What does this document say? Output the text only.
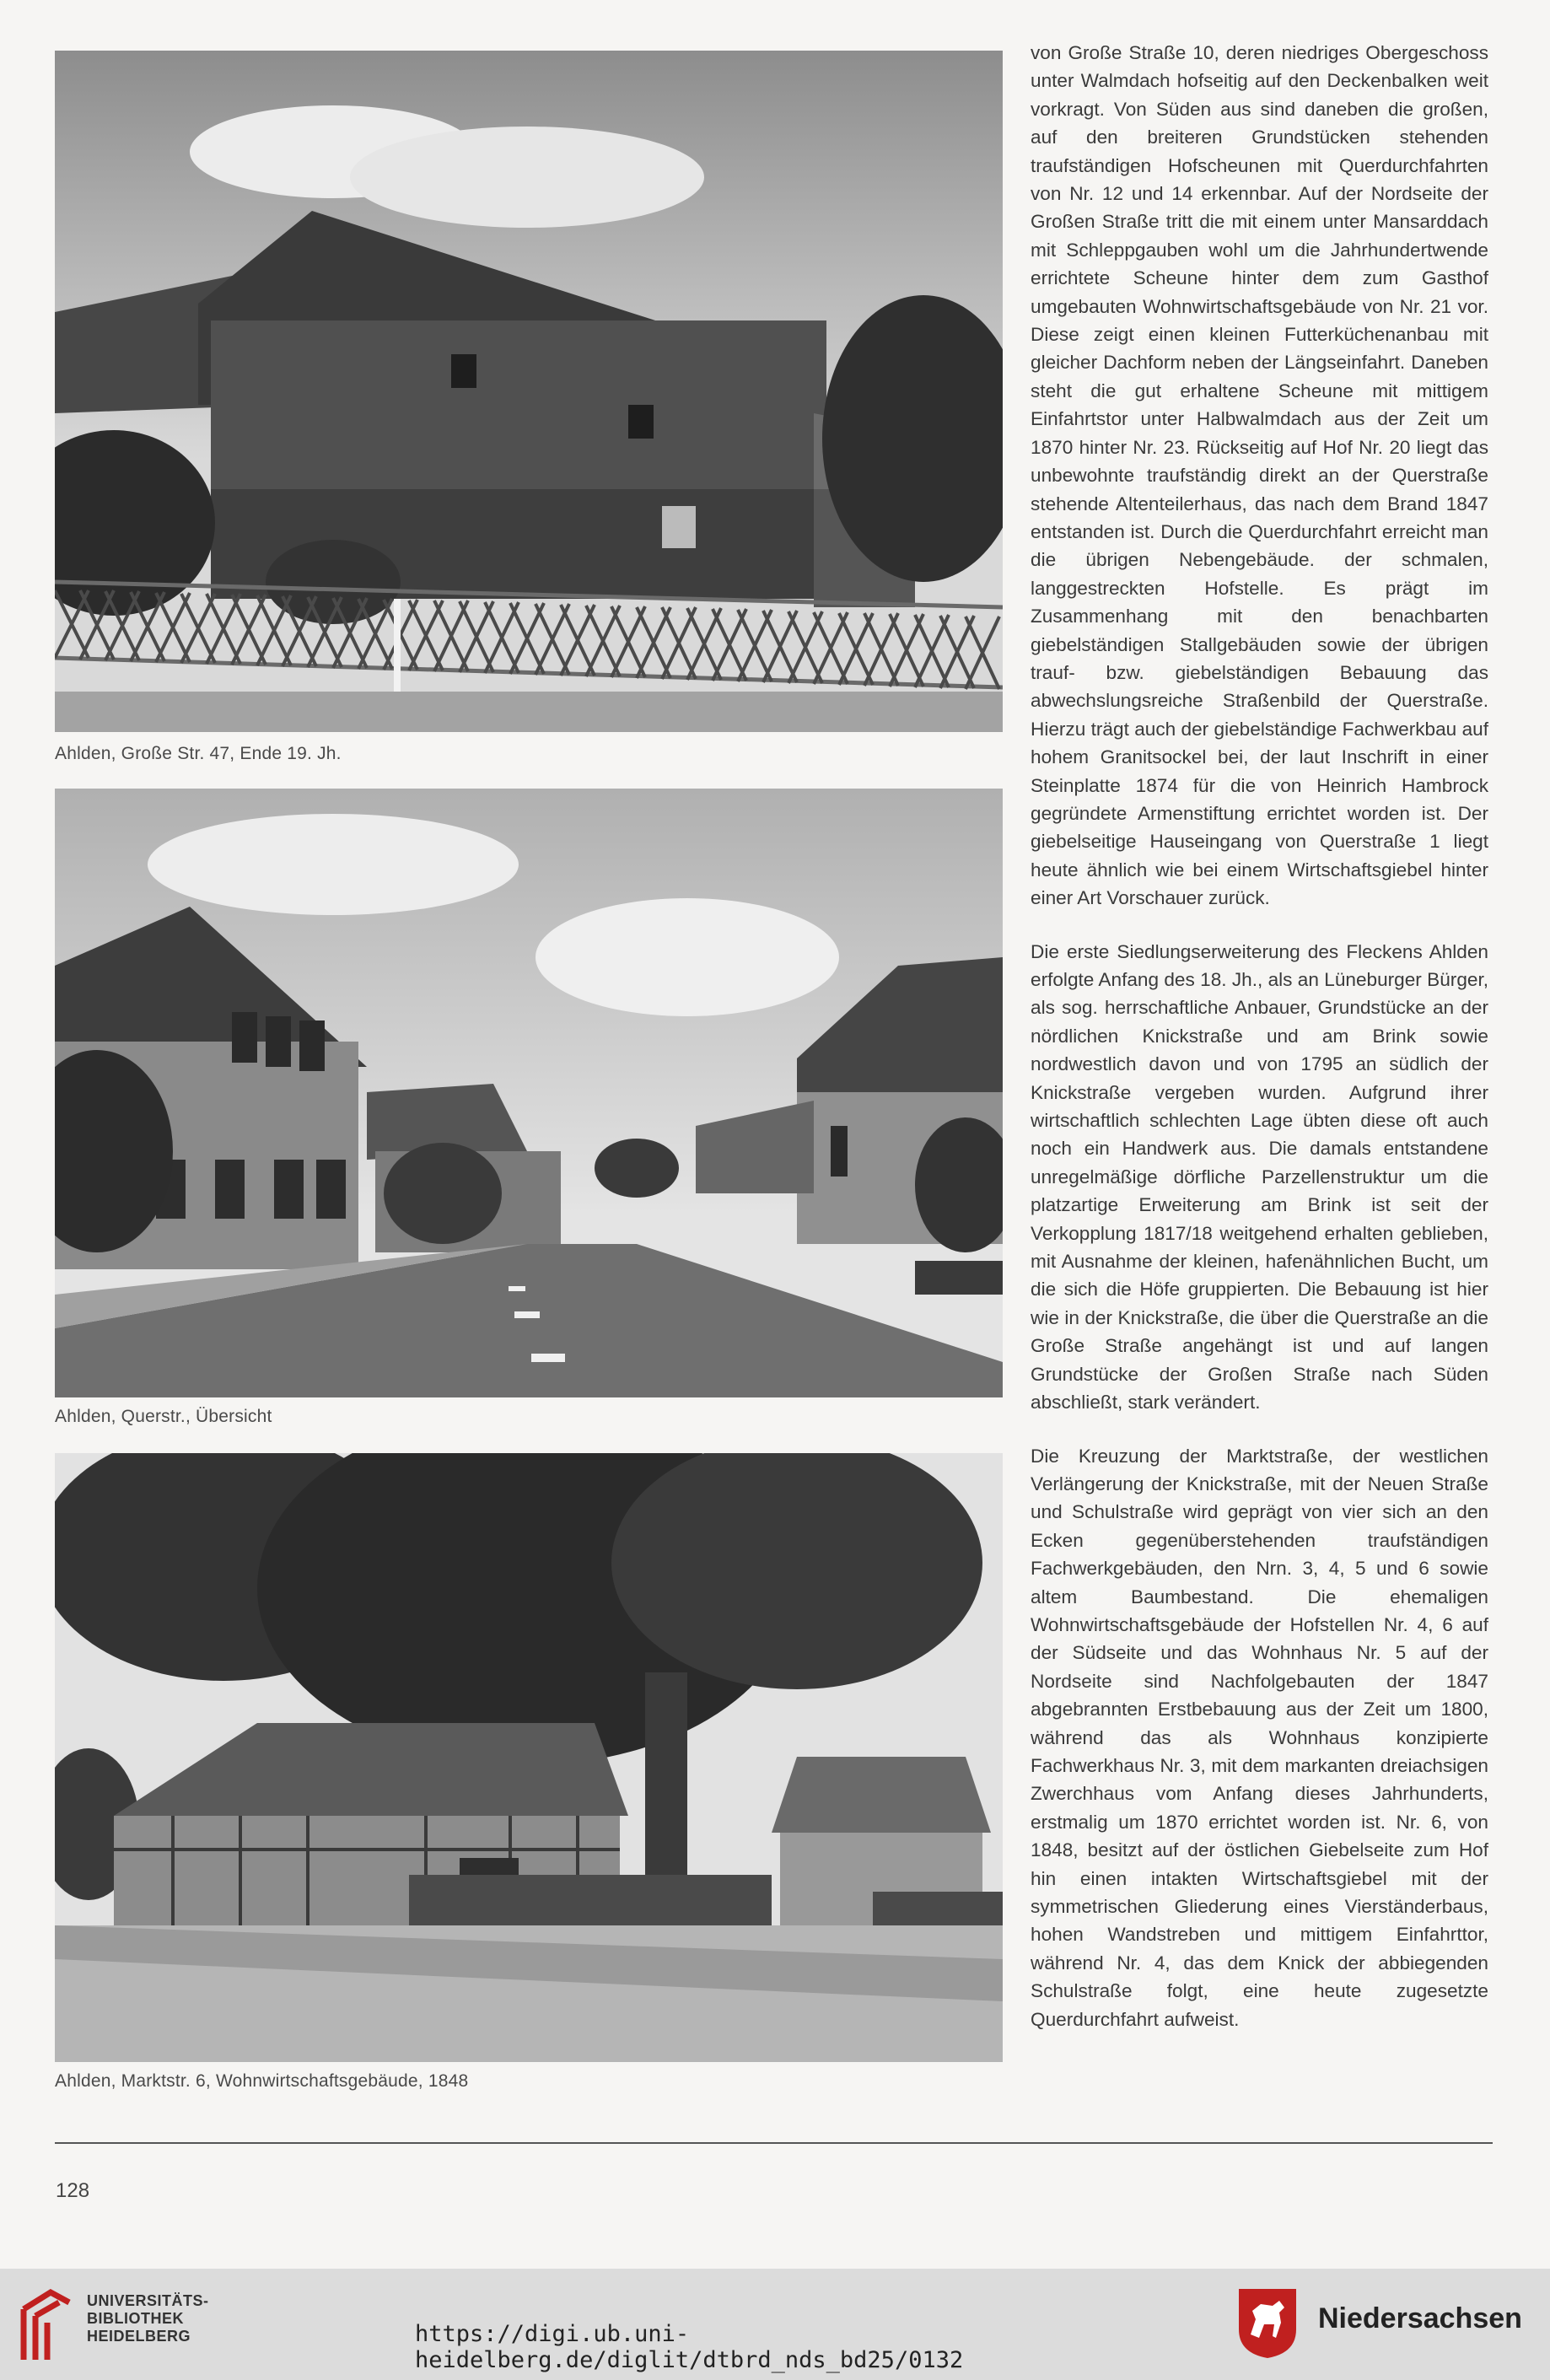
Ahlden, Große Str. 47, Ende 19. Jh.
Ahlden, Querstr., Übersicht
Ahlden, Marktstr. 6, Wohnwirtschaftsgebäude, 1848

von Große Straße 10, deren niedriges Obergeschoss unter Walmdach hofseitig auf den Deckenbalken weit vorkragt. Von Süden aus sind daneben die großen, auf den breiteren Grundstücken stehenden traufständigen Hofscheunen mit Querdurchfahrten von Nr. 12 und 14 erkennbar. Auf der Nordseite der Großen Straße tritt die mit einem unter Mansarddach mit Schleppgauben wohl um die Jahrhundertwende errichtete Scheune hinter dem zum Gasthof umgebauten Wohnwirtschaftsgebäude von Nr. 21 vor. Diese zeigt einen kleinen Futterküchenanbau mit gleicher Dachform neben der Längseinfahrt. Daneben steht die gut erhaltene Scheune mit mittigem Einfahrtstor unter Halbwalmdach aus der Zeit um 1870 hinter Nr. 23. Rückseitig auf Hof Nr. 20 liegt das unbewohnte traufständig direkt an der Querstraße stehende Altenteilerhaus, das nach dem Brand 1847 entstanden ist. Durch die Querdurchfahrt erreicht man die übrigen Nebengebäude. der schmalen, langgestreckten Hofstelle. Es prägt im Zusammenhang mit den benachbarten giebelständigen Stallgebäuden sowie der übrigen trauf- bzw. giebelständigen Bebauung das abwechslungsreiche Straßenbild der Querstraße. Hierzu trägt auch der giebelständige Fachwerkbau auf hohem Granitsockel bei, der laut Inschrift in einer Steinplatte 1874 für die von Heinrich Hambrock gegründete Armenstiftung errichtet worden ist. Der giebelseitige Hauseingang von Querstraße 1 liegt heute ähnlich wie bei einem Wirtschaftsgiebel hinter einer Art Vorschauer zurück.

Die erste Siedlungserweiterung des Fleckens Ahlden erfolgte Anfang des 18. Jh., als an Lüneburger Bürger, als sog. herrschaftliche Anbauer, Grundstücke an der nördlichen Knickstraße und am Brink sowie nordwestlich davon und von 1795 an südlich der Knickstraße vergeben wurden. Aufgrund ihrer wirtschaftlich schlechten Lage übten diese oft auch noch ein Handwerk aus. Die damals entstandene unregelmäßige dörfliche Parzellenstruktur um die platzartige Erweiterung am Brink ist seit der Verkopplung 1817/18 weitgehend erhalten geblieben, mit Ausnahme der kleinen, hafenähnlichen Bucht, um die sich die Höfe gruppierten. Die Bebauung ist hier wie in der Knickstraße, die über die Querstraße an die Große Straße angehängt ist und auf langen Grundstücke der Großen Straße nach Süden abschließt, stark verändert.

Die Kreuzung der Marktstraße, der westlichen Verlängerung der Knickstraße, mit der Neuen Straße und Schulstraße wird geprägt von vier sich an den Ecken gegenüberstehenden traufständigen Fachwerkgebäuden, den Nrn. 3, 4, 5 und 6 sowie altem Baumbestand. Die ehemaligen Wohnwirtschaftsgebäude der Hofstellen Nr. 4, 6 auf der Südseite und das Wohnhaus Nr. 5 auf der Nordseite sind Nachfolgebauten der 1847 abgebrannten Erstbebauung aus der Zeit um 1800, während das als Wohnhaus konzipierte Fachwerkhaus Nr. 3, mit dem markanten dreiachsigen Zwerchhaus vom Anfang dieses Jahrhunderts, erstmalig um 1870 errichtet worden ist. Nr. 6, von 1848, besitzt auf der östlichen Giebelseite zum Hof hin einen intakten Wirtschaftsgiebel mit der symmetrischen Gliederung eines Vierständerbaus, hohen Wandstreben und mittigem Einfahrttor, während Nr. 4, das dem Knick der abbiegenden Schulstraße folgt, eine heute zugesetzte Querdurchfahrt aufweist.

128
UNIVERSITÄTS-
BIBLIOTHEK
HEIDELBERG	https://digi.ub.uni-heidelberg.de/diglit/dtbrd_nds_bd25/0132
Niedersachsen
